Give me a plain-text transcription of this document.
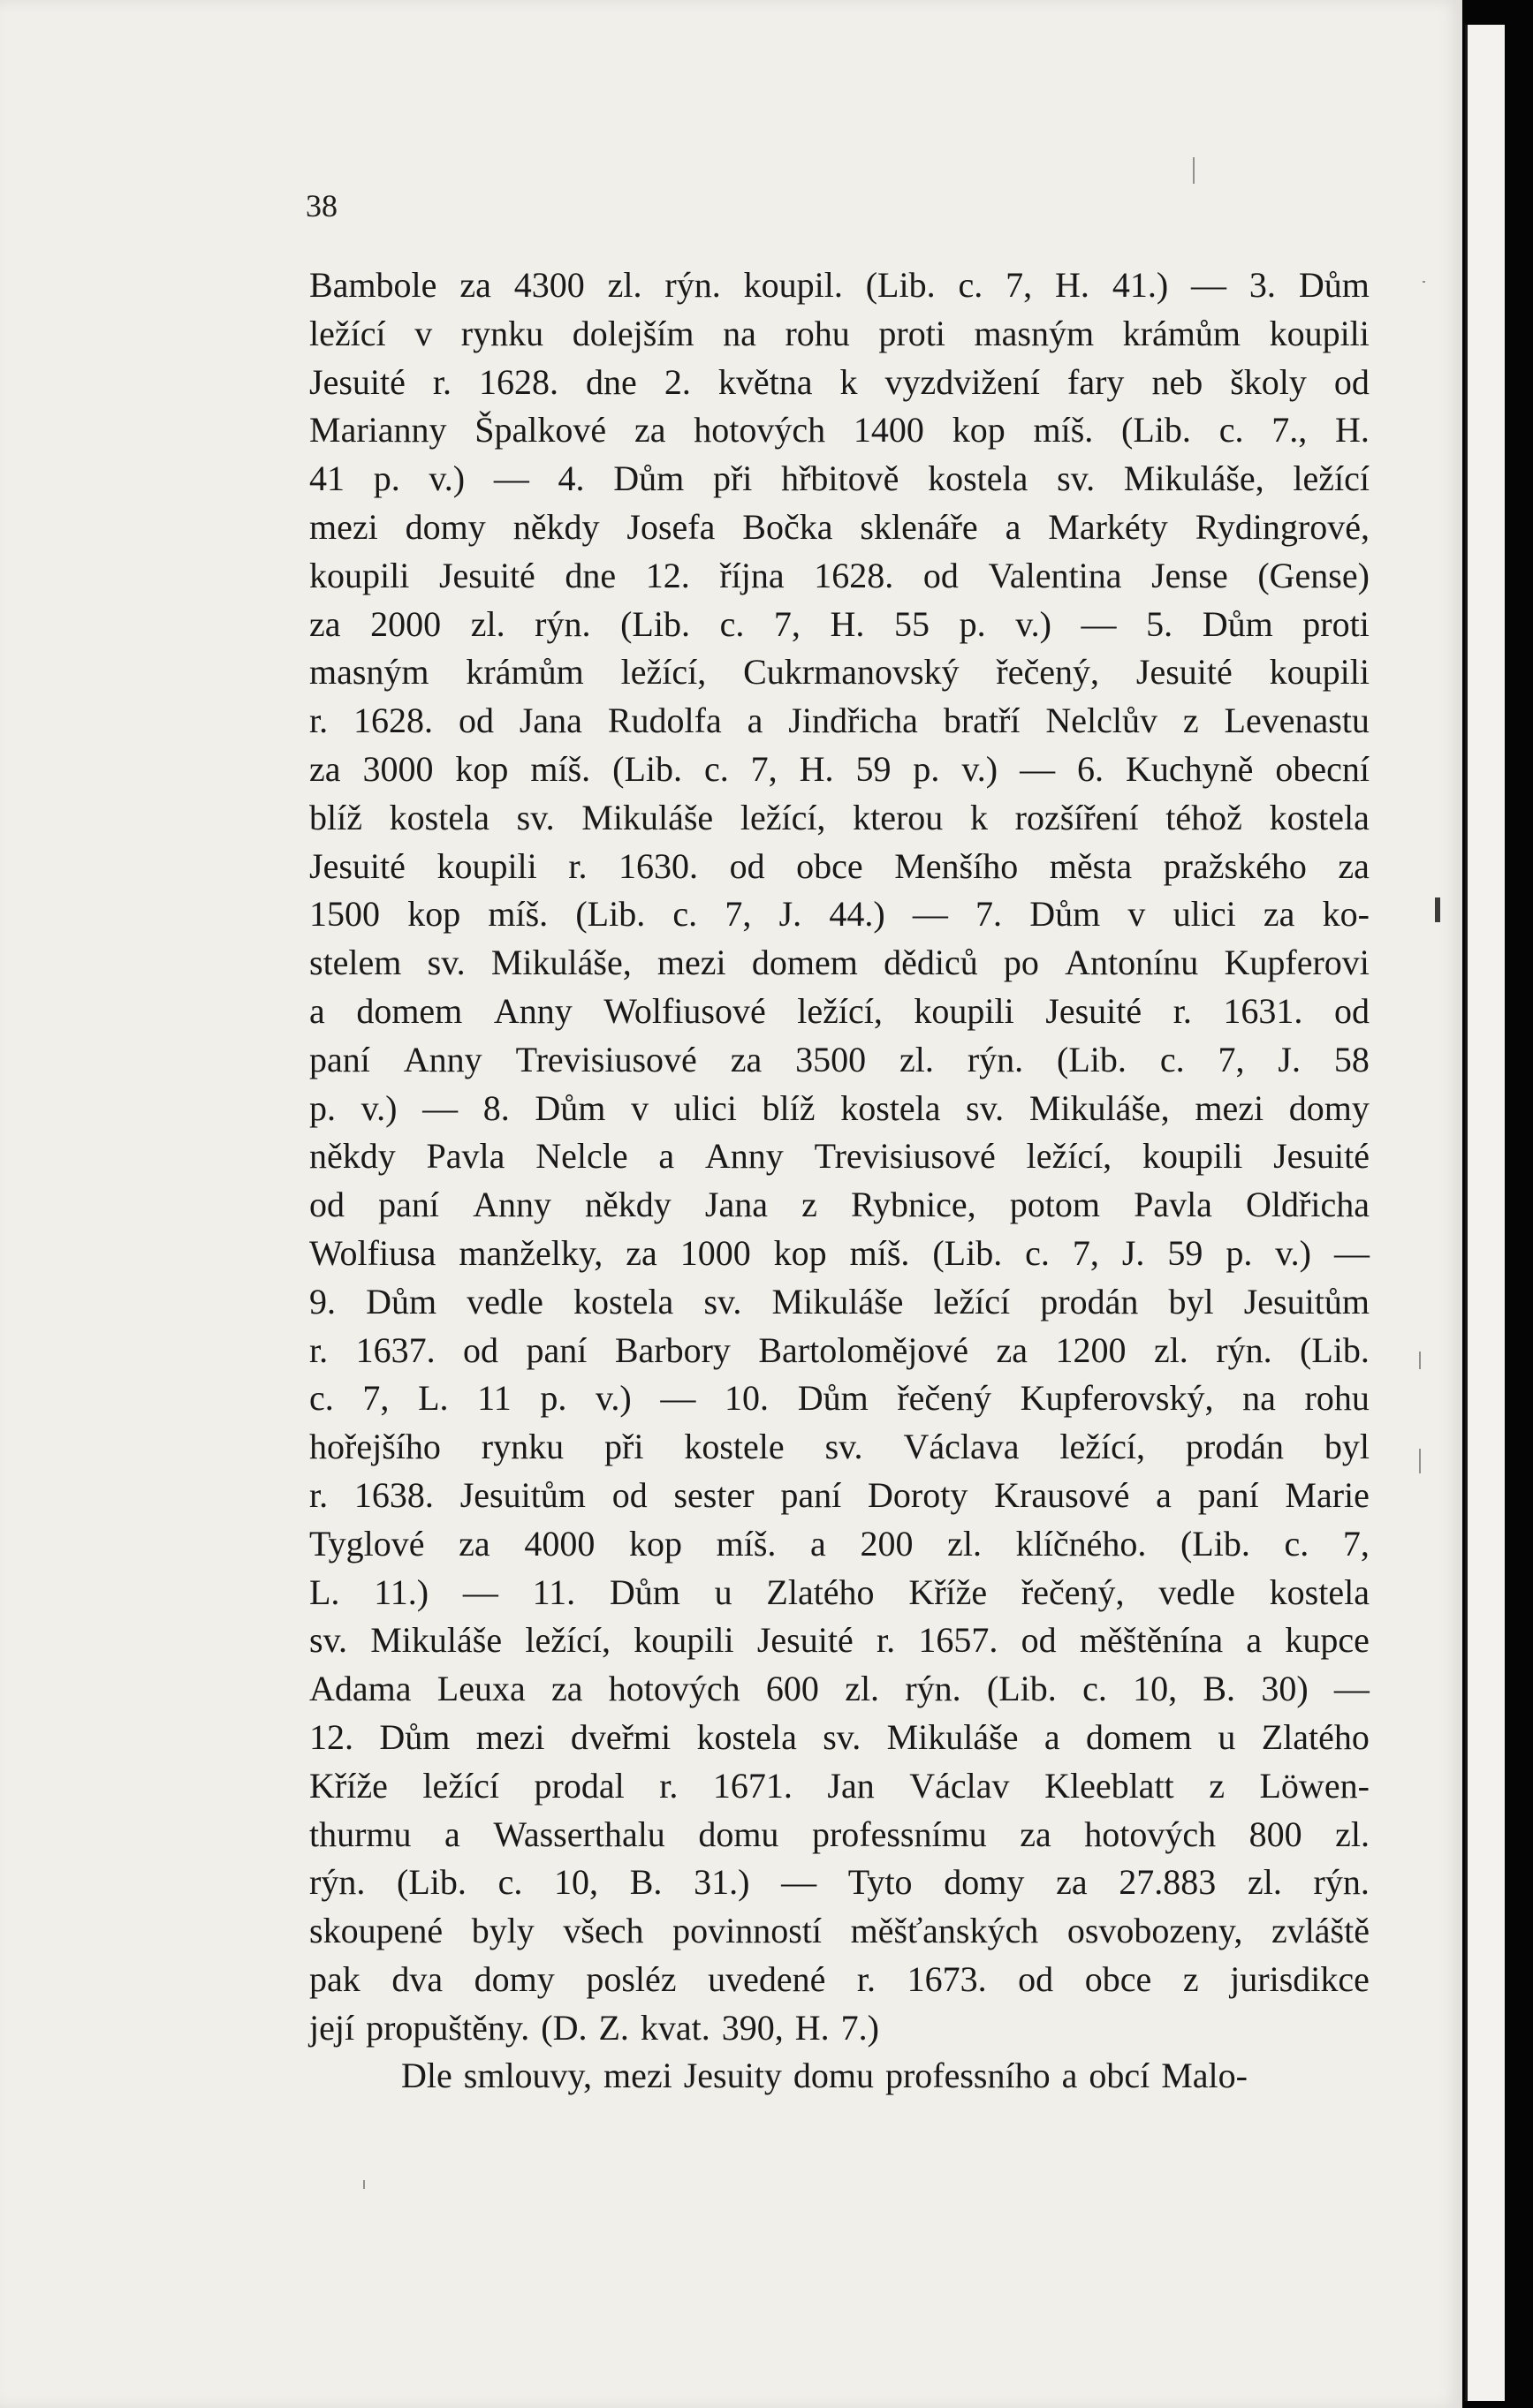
38
Bambole za 4300 zl. rýn. koupil. (Lib. c. 7, H. 41.) — 3. Dům
ležící v rynku dolejším na rohu proti masným krámům koupili
Jesuité r. 1628. dne 2. května k vyzdvižení fary neb školy od
Marianny Špalkové za hotových 1400 kop míš. (Lib. c. 7., H.
41 p. v.) — 4. Dům při hřbitově kostela sv. Mikuláše, ležící
mezi domy někdy Josefa Bočka sklenáře a Markéty Rydingrové,
koupili Jesuité dne 12. října 1628. od Valentina Jense (Gense)
za 2000 zl. rýn. (Lib. c. 7, H. 55 p. v.) — 5. Dům proti
masným krámům ležící, Cukrmanovský řečený, Jesuité koupili
r. 1628. od Jana Rudolfa a Jindřicha bratří Nelclův z Levenastu
za 3000 kop míš. (Lib. c. 7, H. 59 p. v.) — 6. Kuchyně obecní
blíž kostela sv. Mikuláše ležící, kterou k rozšíření téhož kostela
Jesuité koupili r. 1630. od obce Menšího města pražského za
1500 kop míš. (Lib. c. 7, J. 44.) — 7. Dům v ulici za ko-
stelem sv. Mikuláše, mezi domem dědiců po Antonínu Kupferovi
a domem Anny Wolfiusové ležící, koupili Jesuité r. 1631. od
paní Anny Trevisiusové za 3500 zl. rýn. (Lib. c. 7, J. 58
p. v.) — 8. Dům v ulici blíž kostela sv. Mikuláše, mezi domy
někdy Pavla Nelcle a Anny Trevisiusové ležící, koupili Jesuité
od paní Anny někdy Jana z Rybnice, potom Pavla Oldřicha
Wolfiusa manželky, za 1000 kop míš. (Lib. c. 7, J. 59 p. v.) —
9. Dům vedle kostela sv. Mikuláše ležící prodán byl Jesuitům
r. 1637. od paní Barbory Bartoloměјové za 1200 zl. rýn. (Lib.
c. 7, L. 11 p. v.) — 10. Dům řečený Kupferovský, na rohu
hořejšího rynku při kostele sv. Václava ležící, prodán byl
r. 1638. Jesuitům od sester paní Doroty Krausové a paní Marie
Tyglové za 4000 kop míš. a 200 zl. klíčného. (Lib. c. 7,
L. 11.) — 11. Dům u Zlatého Kříže řečený, vedle kostela
sv. Mikuláše ležící, koupili Jesuité r. 1657. od měštěnína a kupce
Adama Leuxa za hotových 600 zl. rýn. (Lib. c. 10, B. 30) —
12. Dům mezi dveřmi kostela sv. Mikuláše a domem u Zlatého
Kříže ležící prodal r. 1671. Jan Václav Kleeblatt z Löwen-
thurmu a Wasserthalu domu professnímu za hotových 800 zl.
rýn. (Lib. c. 10, B. 31.) — Tyto domy za 27.883 zl. rýn.
skoupené byly všech povinností měšťanských osvobozeny, zvláště
pak dva domy posléz uvedené r. 1673. od obce z jurisdikce
její propuštěny. (D. Z. kvat. 390, H. 7.)
Dle smlouvy, mezi Jesuity domu professního a obcí Malo-
